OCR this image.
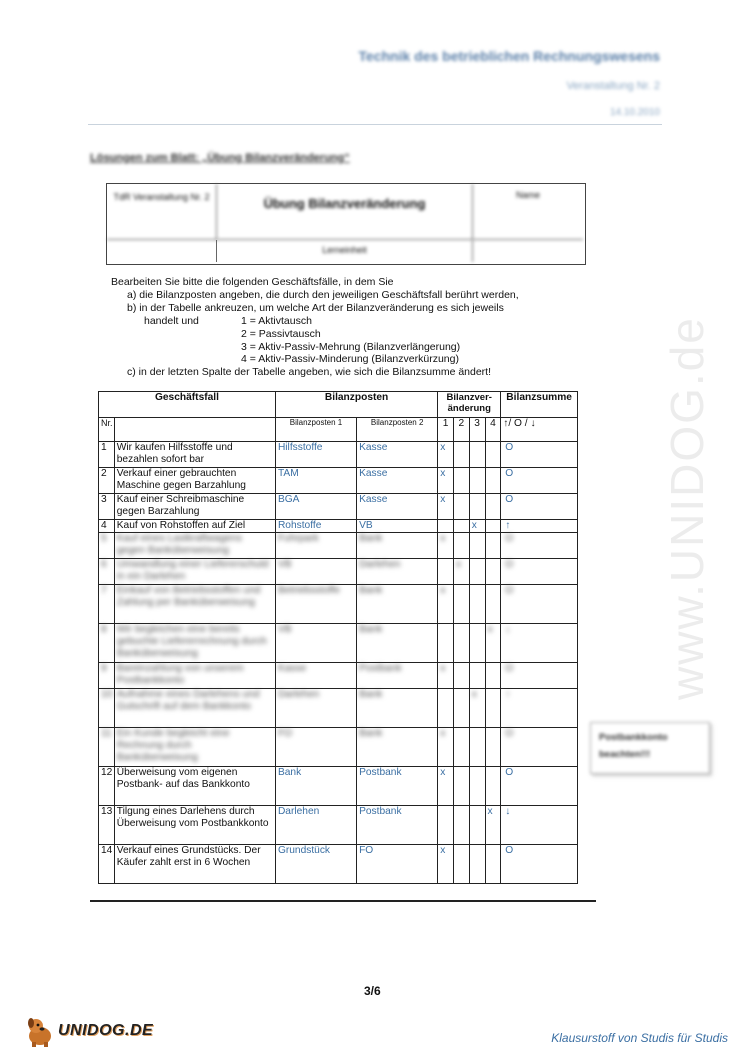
www.UNIDOG.de
Technik des betrieblichen Rechnungswesens
Veranstaltung Nr. 2
14.10.2010
Lösungen zum Blatt: „Übung Bilanzveränderung“
TdR Veranstaltung Nr. 2	Übung Bilanzveränderung
Name
Lerneinheit
Bearbeiten Sie bitte die folgenden Geschäftsfälle, in dem Sie
a) die Bilanzposten angeben, die durch den jeweiligen Geschäftsfall berührt werden,
b) in der Tabelle ankreuzen, um welche Art der Bilanzveränderung es sich jeweils
handelt und	1 = Aktivtausch
2 = Passivtausch
3 = Aktiv-Passiv-Mehrung (Bilanzverlängerung)
4 = Aktiv-Passiv-Minderung (Bilanzverkürzung)
c) in der letzten Spalte der Tabelle angeben, wie sich die Bilanzsumme ändert!
Geschäftsfall		Bilanzposten		Bilanzver-änderung				Bilanzsumme
Nr.		Bilanzposten 1	Bilanzposten 2	1	2	3	4	↑/ O / ↓
1	Wir kaufen Hilfsstoffe und bezahlen sofort bar	Hilfsstoffe	Kasse	x				O
2	Verkauf einer gebrauchten Maschine gegen Barzahlung	TAM	Kasse	x				O
3	Kauf einer Schreibmaschine gegen Barzahlung	BGA	Kasse	x				O
4	Kauf von Rohstoffen auf Ziel	Rohstoffe	VB			x		↑
5	Kauf eines Lastkraftwagens gegen Banküberweisung	Fuhrpark	Bank	x				O
6	Umwandlung einer Liefererschuld in ein Darlehen	VB	Darlehen		x			O
7	Einkauf von Betriebsstoffen und Zahlung per Banküberweisung	Betriebsstoffe	Bank	x				O
8	Wir begleichen eine bereits gebuchte Liefererrechnung durch Banküberweisung	VB	Bank				x	↓
9	Bareinzahlung von unserem Postbankkonto	Kasse	Postbank	x				O
10	Aufnahme eines Darlehens und Gutschrift auf dem Bankkonto	Darlehen	Bank			x		↑
11	Ein Kunde begleicht eine Rechnung durch Banküberweisung	FO	Bank	x				O
12	Überweisung vom eigenen Postbank- auf das Bankkonto	Bank	Postbank	x				O
13	Tilgung eines Darlehens durch Überweisung vom Postbankkonto	Darlehen	Postbank				x	↓
14	Verkauf eines Grundstücks. Der Käufer zahlt erst in 6 Wochen	Grundstück	FO	x				O
Postbankkonto
beachten!!!
3/6
UNIDOG.DE	Klausurstoff von Studis für Studis
